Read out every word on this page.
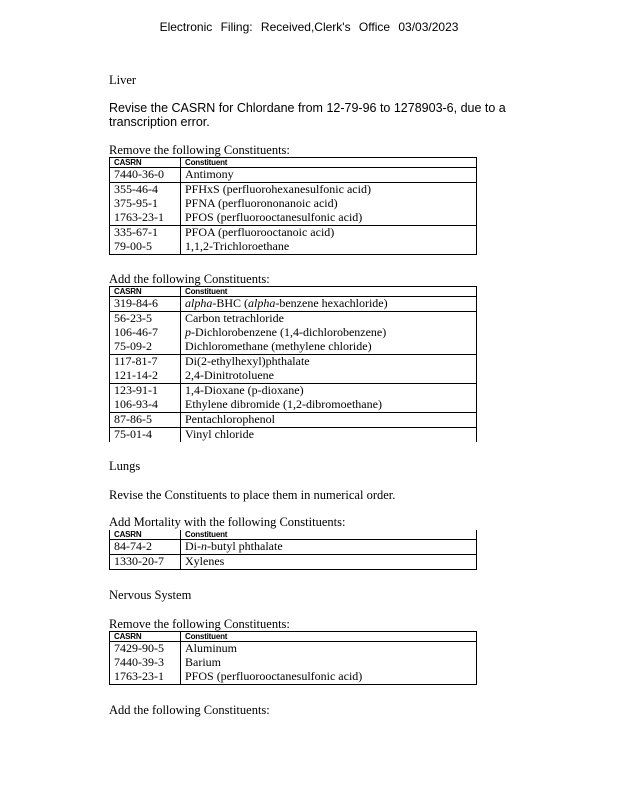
Electronic Filing: Received,Clerk's Office 03/03/2023
Liver
Revise the CASRN for Chlordane from 12-79-96 to 1278903-6, due to a transcription error.
Remove the following Constituents:
CASRN	Constituent
7440-36-0	Antimony
355-46-4	PFHxS (perfluorohexanesulfonic acid)
375-95-1	PFNA (perfluorononanoic acid)
1763-23-1	PFOS (perfluorooctanesulfonic acid)
335-67-1	PFOA (perfluorooctanoic acid)
79-00-5	1,1,2-Trichloroethane
Add the following Constituents:
CASRN	Constituent
319-84-6	alpha-BHC (alpha-benzene hexachloride)
56-23-5	Carbon tetrachloride
106-46-7	p-Dichlorobenzene (1,4-dichlorobenzene)
75-09-2	Dichloromethane (methylene chloride)
117-81-7	Di(2-ethylhexyl)phthalate
121-14-2	2,4-Dinitrotoluene
123-91-1	1,4-Dioxane (p-dioxane)
106-93-4	Ethylene dibromide (1,2-dibromoethane)
87-86-5	Pentachlorophenol
75-01-4	Vinyl chloride
Lungs
Revise the Constituents to place them in numerical order.
Add Mortality with the following Constituents:
CASRN	Constituent
84-74-2	Di-n-butyl phthalate
1330-20-7	Xylenes
Nervous System
Remove the following Constituents:
CASRN	Constituent
7429-90-5	Aluminum
7440-39-3	Barium
1763-23-1	PFOS (perfluorooctanesulfonic acid)
Add the following Constituents:
